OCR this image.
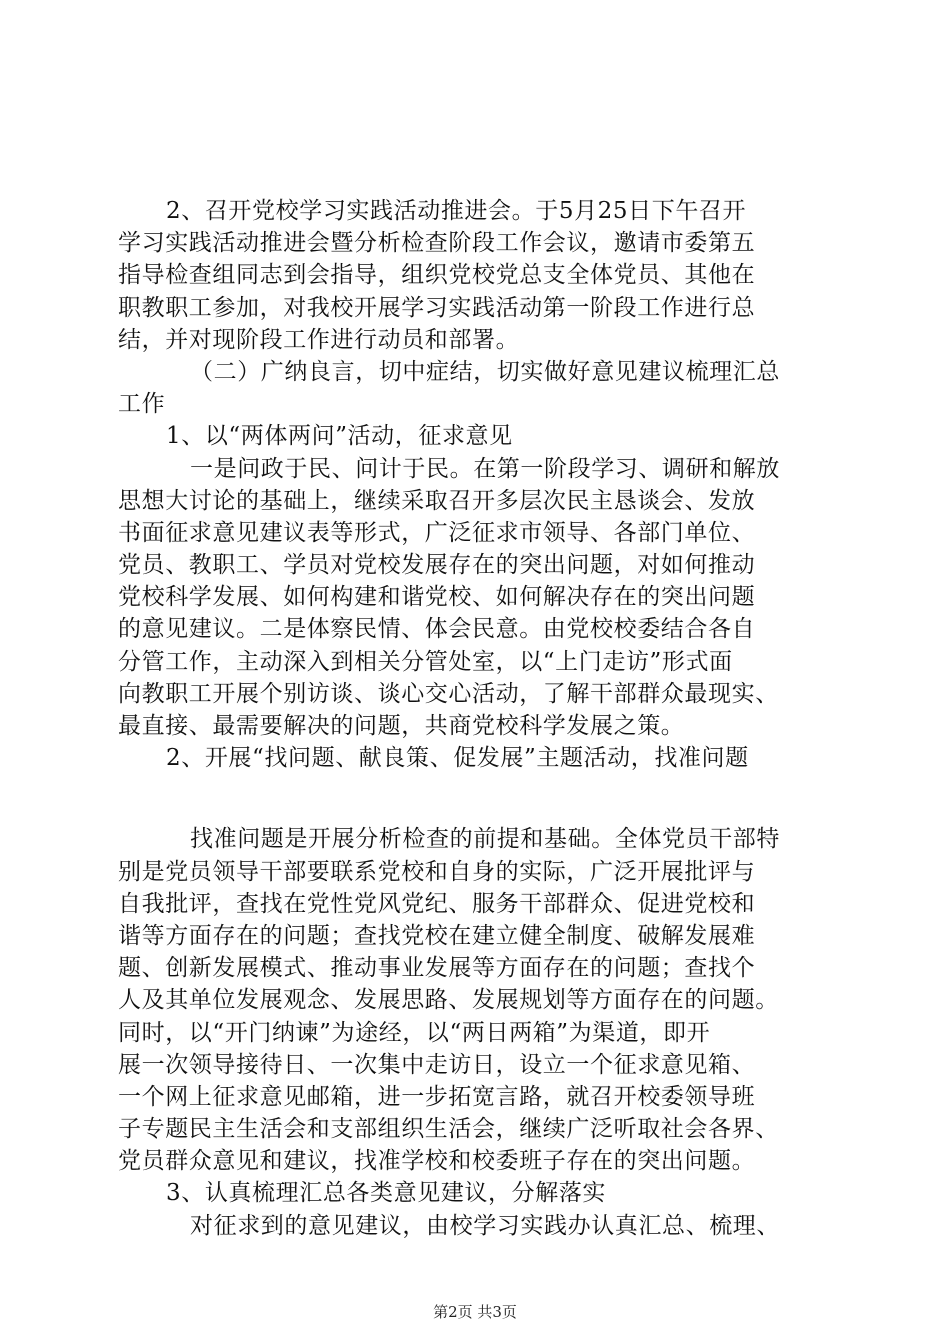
2、召开党校学习实践活动推进会。于5月25日下午召开
学习实践活动推进会暨分析检查阶段工作会议，邀请市委第五
指导检查组同志到会指导，组织党校党总支全体党员、其他在
职教职工参加，对我校开展学习实践活动第一阶段工作进行总
结，并对现阶段工作进行动员和部署。
（二）广纳良言，切中症结，切实做好意见建议梳理汇总
工作
1、以“两体两问”活动，征求意见
一是问政于民、问计于民。在第一阶段学习、调研和解放
思想大讨论的基础上，继续采取召开多层次民主恳谈会、发放
书面征求意见建议表等形式，广泛征求市领导、各部门单位、
党员、教职工、学员对党校发展存在的突出问题，对如何推动
党校科学发展、如何构建和谐党校、如何解决存在的突出问题
的意见建议。二是体察民情、体会民意。由党校校委结合各自
分管工作，主动深入到相关分管处室，以“上门走访”形式面
向教职工开展个别访谈、谈心交心活动，了解干部群众最现实、
最直接、最需要解决的问题，共商党校科学发展之策。
2、开展“找问题、献良策、促发展”主题活动，找准问题
找准问题是开展分析检查的前提和基础。全体党员干部特
别是党员领导干部要联系党校和自身的实际，广泛开展批评与
自我批评，查找在党性党风党纪、服务干部群众、促进党校和
谐等方面存在的问题；查找党校在建立健全制度、破解发展难
题、创新发展模式、推动事业发展等方面存在的问题；查找个
人及其单位发展观念、发展思路、发展规划等方面存在的问题。
同时，以“开门纳谏”为途经，以“两日两箱”为渠道，即开
展一次领导接待日、一次集中走访日，设立一个征求意见箱、
一个网上征求意见邮箱，进一步拓宽言路，就召开校委领导班
子专题民主生活会和支部组织生活会，继续广泛听取社会各界、
党员群众意见和建议，找准学校和校委班子存在的突出问题。
3、认真梳理汇总各类意见建议，分解落实
对征求到的意见建议，由校学习实践办认真汇总、梳理、
第2页 共3页
